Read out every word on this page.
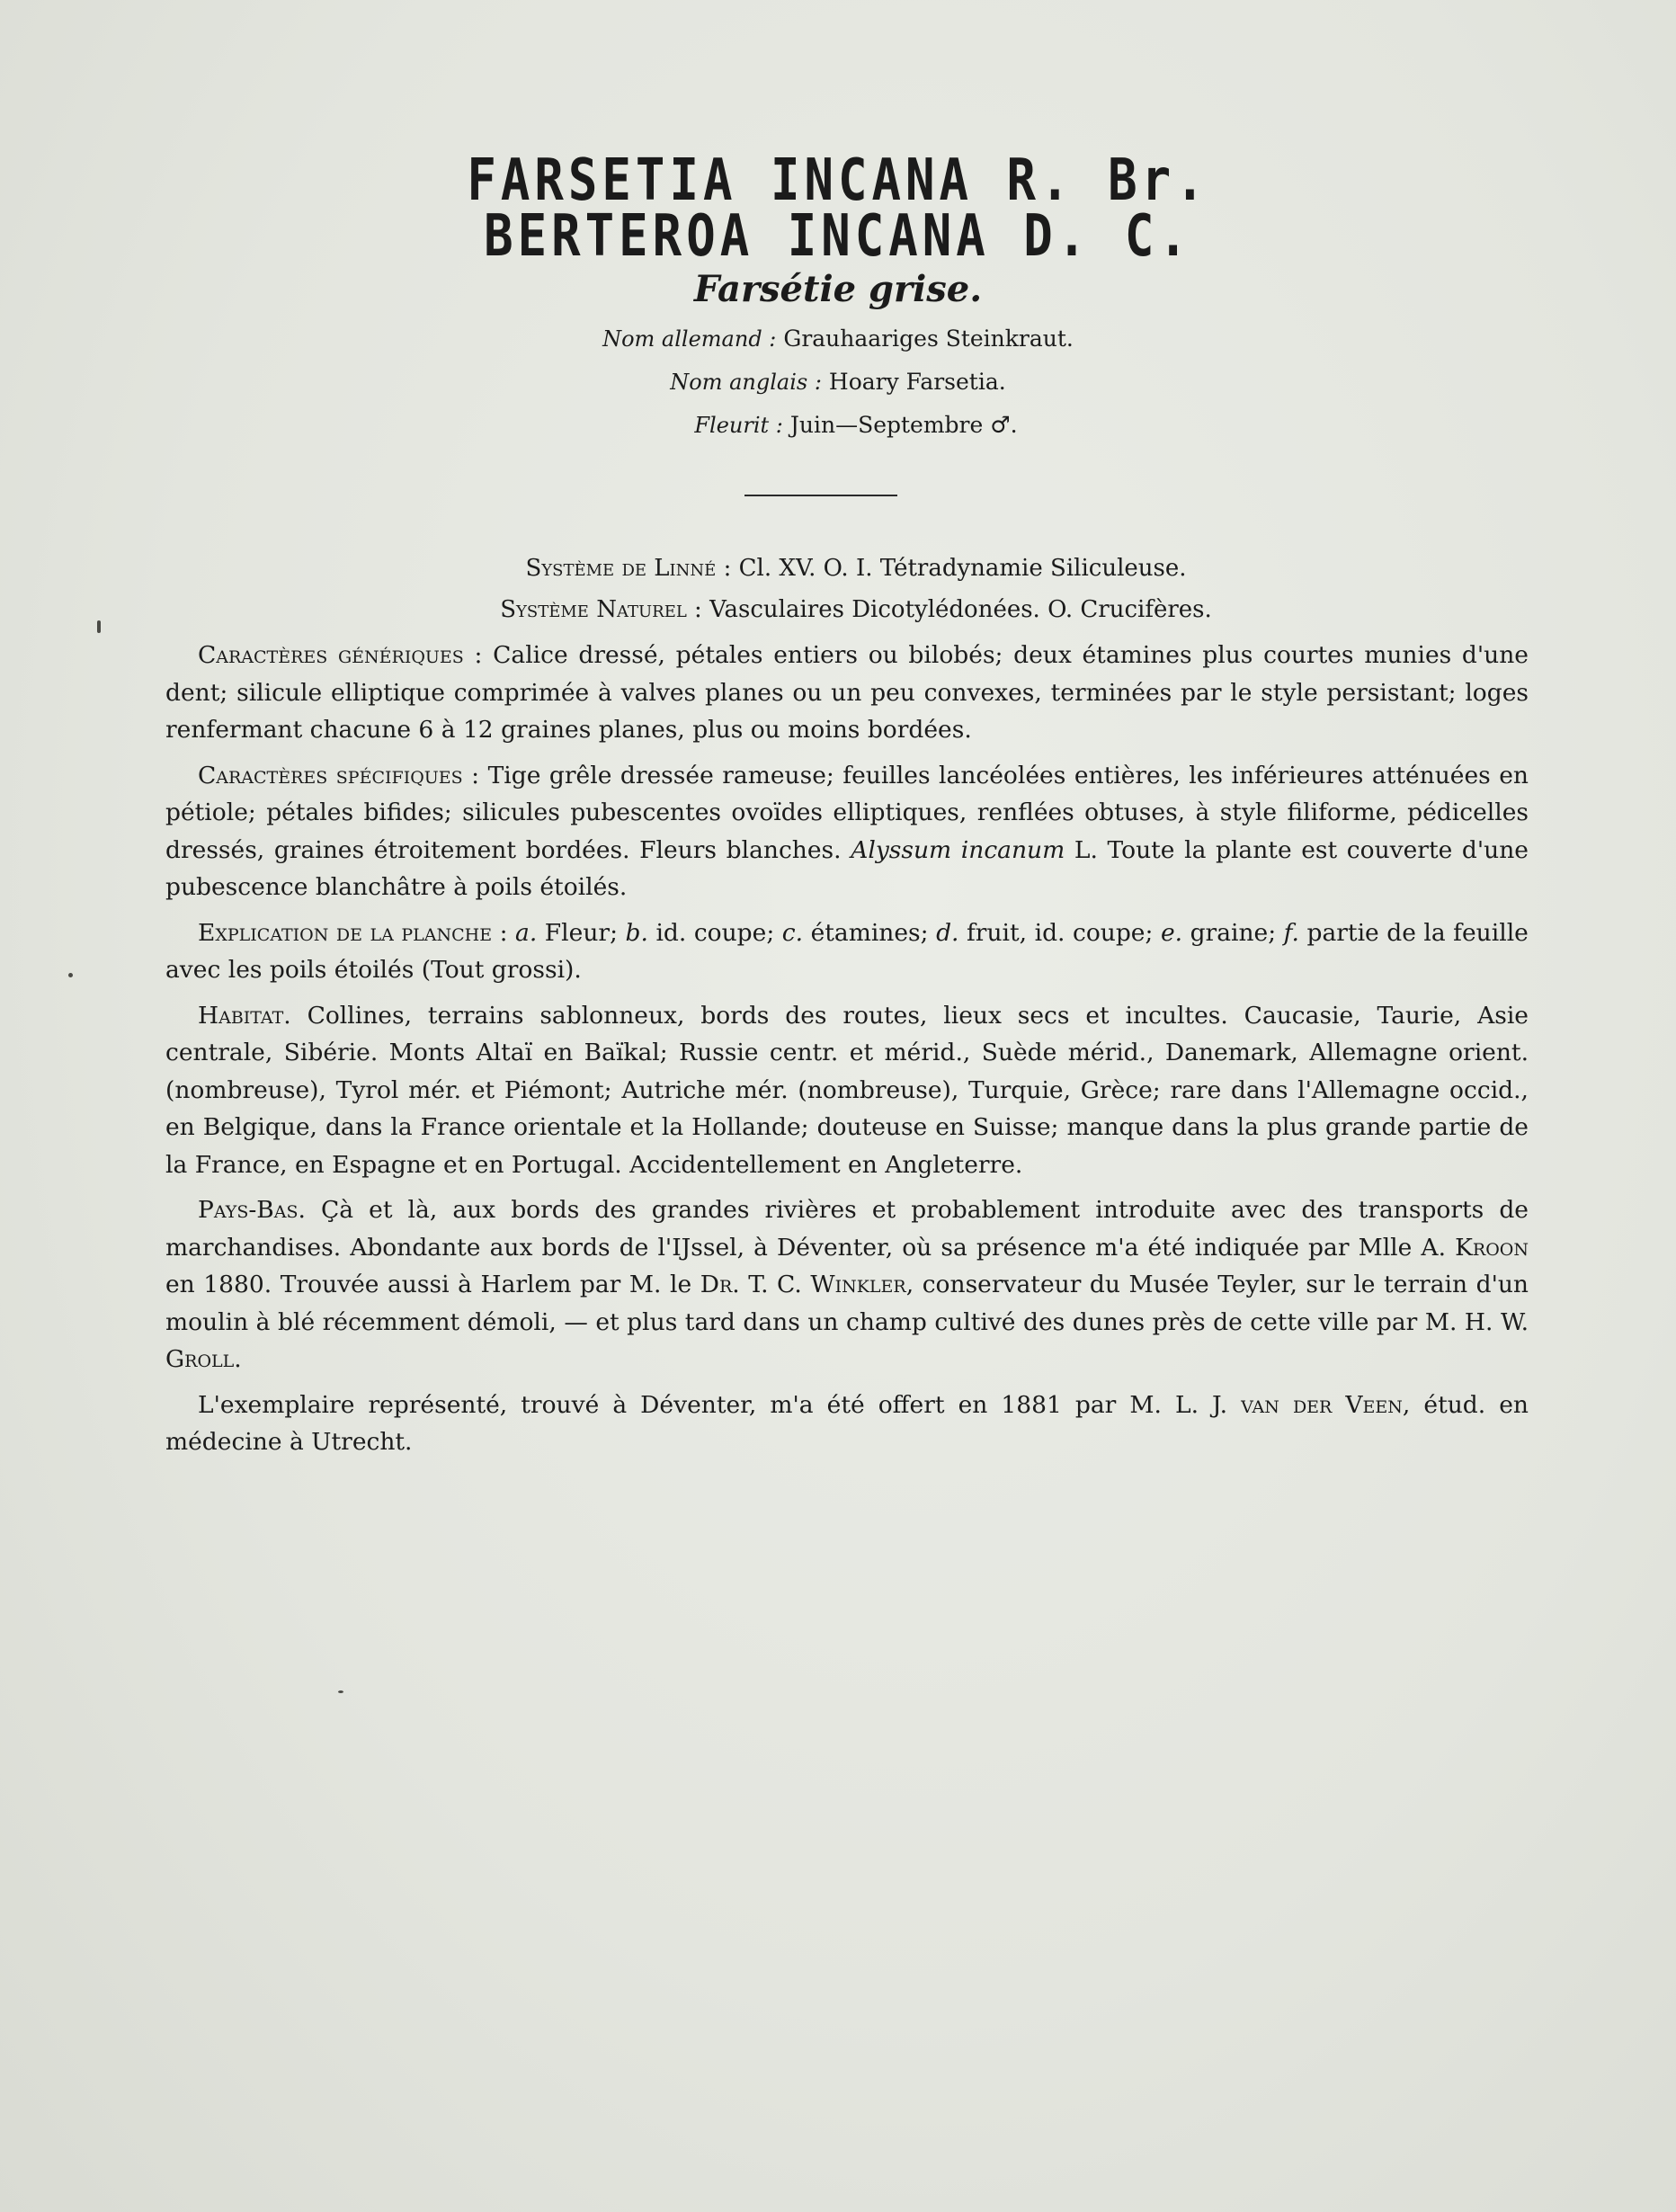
FARSETIA INCANA R. Br.
BERTEROA INCANA D. C.
Farsétie grise.

Nom allemand : Grauhaariges Steinkraut.

Nom anglais : Hoary Farsetia.

Fleurit : Juin—Septembre ♂.

Système de Linné : Cl. XV. O. I. Tétradynamie Siliculeuse.

Système Naturel : Vasculaires Dicotylédonées. O. Crucifères.

Caractères génériques : Calice dressé, pétales entiers ou bilobés; deux étamines plus courtes munies d'une dent; silicule elliptique comprimée à valves planes ou un peu convexes, terminées par le style persistant; loges renfermant chacune 6 à 12 graines planes, plus ou moins bordées.

Caractères spécifiques : Tige grêle dressée rameuse; feuilles lancéolées entières, les inférieures atténuées en pétiole; pétales bifides; silicules pubescentes ovoïdes elliptiques, renflées obtuses, à style filiforme, pédicelles dressés, graines étroitement bordées. Fleurs blanches. Alyssum incanum L. Toute la plante est couverte d'une pubescence blanchâtre à poils étoilés.

Explication de la planche : a. Fleur; b. id. coupe; c. étamines; d. fruit, id. coupe; e. graine; f. partie de la feuille avec les poils étoilés (Tout grossi).

Habitat. Collines, terrains sablonneux, bords des routes, lieux secs et incultes. Caucasie, Taurie, Asie centrale, Sibérie. Monts Altaï en Baïkal; Russie centr. et mérid., Suède mérid., Danemark, Allemagne orient. (nombreuse), Tyrol mér. et Piémont; Autriche mér. (nombreuse), Turquie, Grèce; rare dans l'Allemagne occid., en Belgique, dans la France orientale et la Hollande; douteuse en Suisse; manque dans la plus grande partie de la France, en Espagne et en Portugal. Accidentellement en Angleterre.

Pays-Bas. Çà et là, aux bords des grandes rivières et probablement introduite avec des transports de marchandises. Abondante aux bords de l'IJssel, à Déventer, où sa présence m'a été indiquée par Mlle A. Kroon en 1880. Trouvée aussi à Harlem par M. le Dr. T. C. Winkler, conservateur du Musée Teyler, sur le terrain d'un moulin à blé récemment démoli, — et plus tard dans un champ cultivé des dunes près de cette ville par M. H. W. Groll.

L'exemplaire représenté, trouvé à Déventer, m'a été offert en 1881 par M. L. J. van der Veen, étud. en médecine à Utrecht.
